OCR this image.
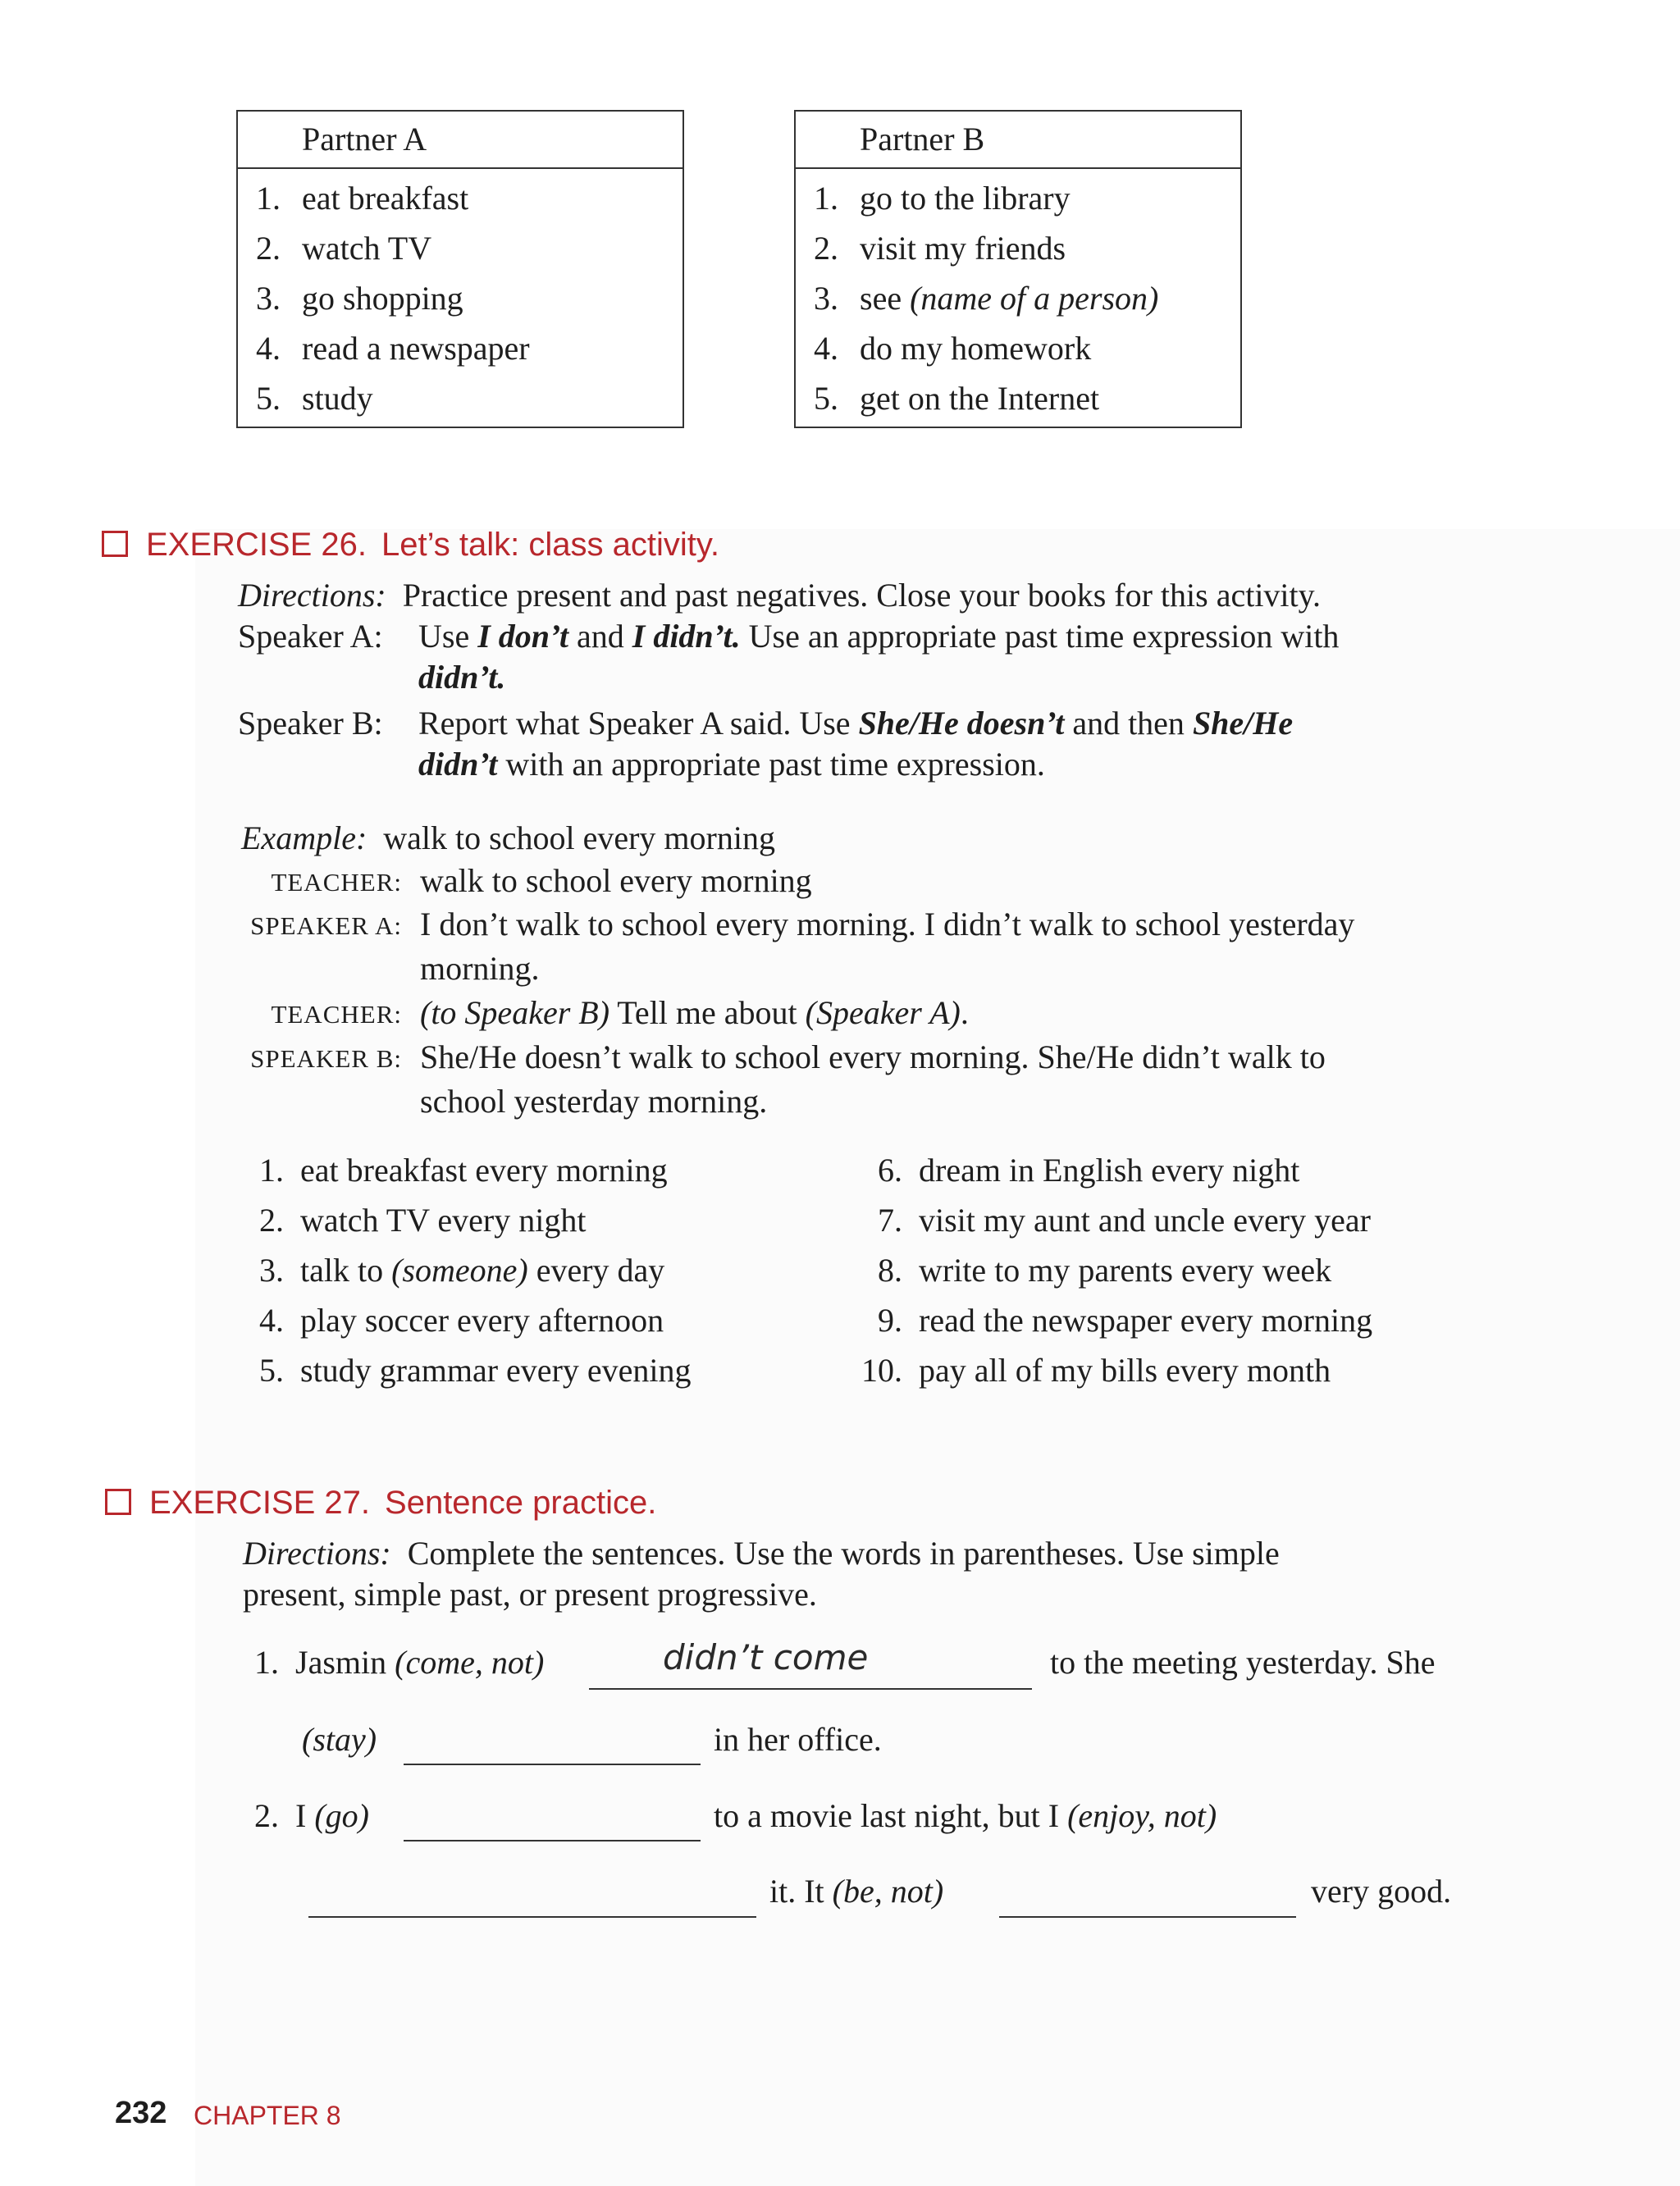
Partner A
1. eat breakfast
2. watch TV
3. go shopping
4. read a newspaper
5. study
Partner B
1. go to the library
2. visit my friends
3. see (name of a person)
4. do my homework
5. get on the Internet
EXERCISE 26. Let’s talk: class activity.
Directions: Practice present and past negatives. Close your books for this activity.
Speaker A: Use I don’t and I didn’t. Use an appropriate past time expression with
didn’t.
Speaker B: Report what Speaker A said. Use She/He doesn’t and then She/He
didn’t with an appropriate past time expression.
Example: walk to school every morning
TEACHER: walk to school every morning
SPEAKER A: I don’t walk to school every morning. I didn’t walk to school yesterday
morning.
TEACHER: (to Speaker B) Tell me about (Speaker A).
SPEAKER B: She/He doesn’t walk to school every morning. She/He didn’t walk to
school yesterday morning.
1. eat breakfast every morning
2. watch TV every night
3. talk to (someone) every day
4. play soccer every afternoon
5. study grammar every evening
6. dream in English every night
7. visit my aunt and uncle every year
8. write to my parents every week
9. read the newspaper every morning
10. pay all of my bills every month
EXERCISE 27. Sentence practice.
Directions: Complete the sentences. Use the words in parentheses. Use simple
present, simple past, or present progressive.
1. Jasmin (come, not)	didn’t come	to the meeting yesterday. She
(stay)	in her office.
2. I (go)	to a movie last night, but I (enjoy, not)
it. It (be, not)	very good.
232 CHAPTER 8
